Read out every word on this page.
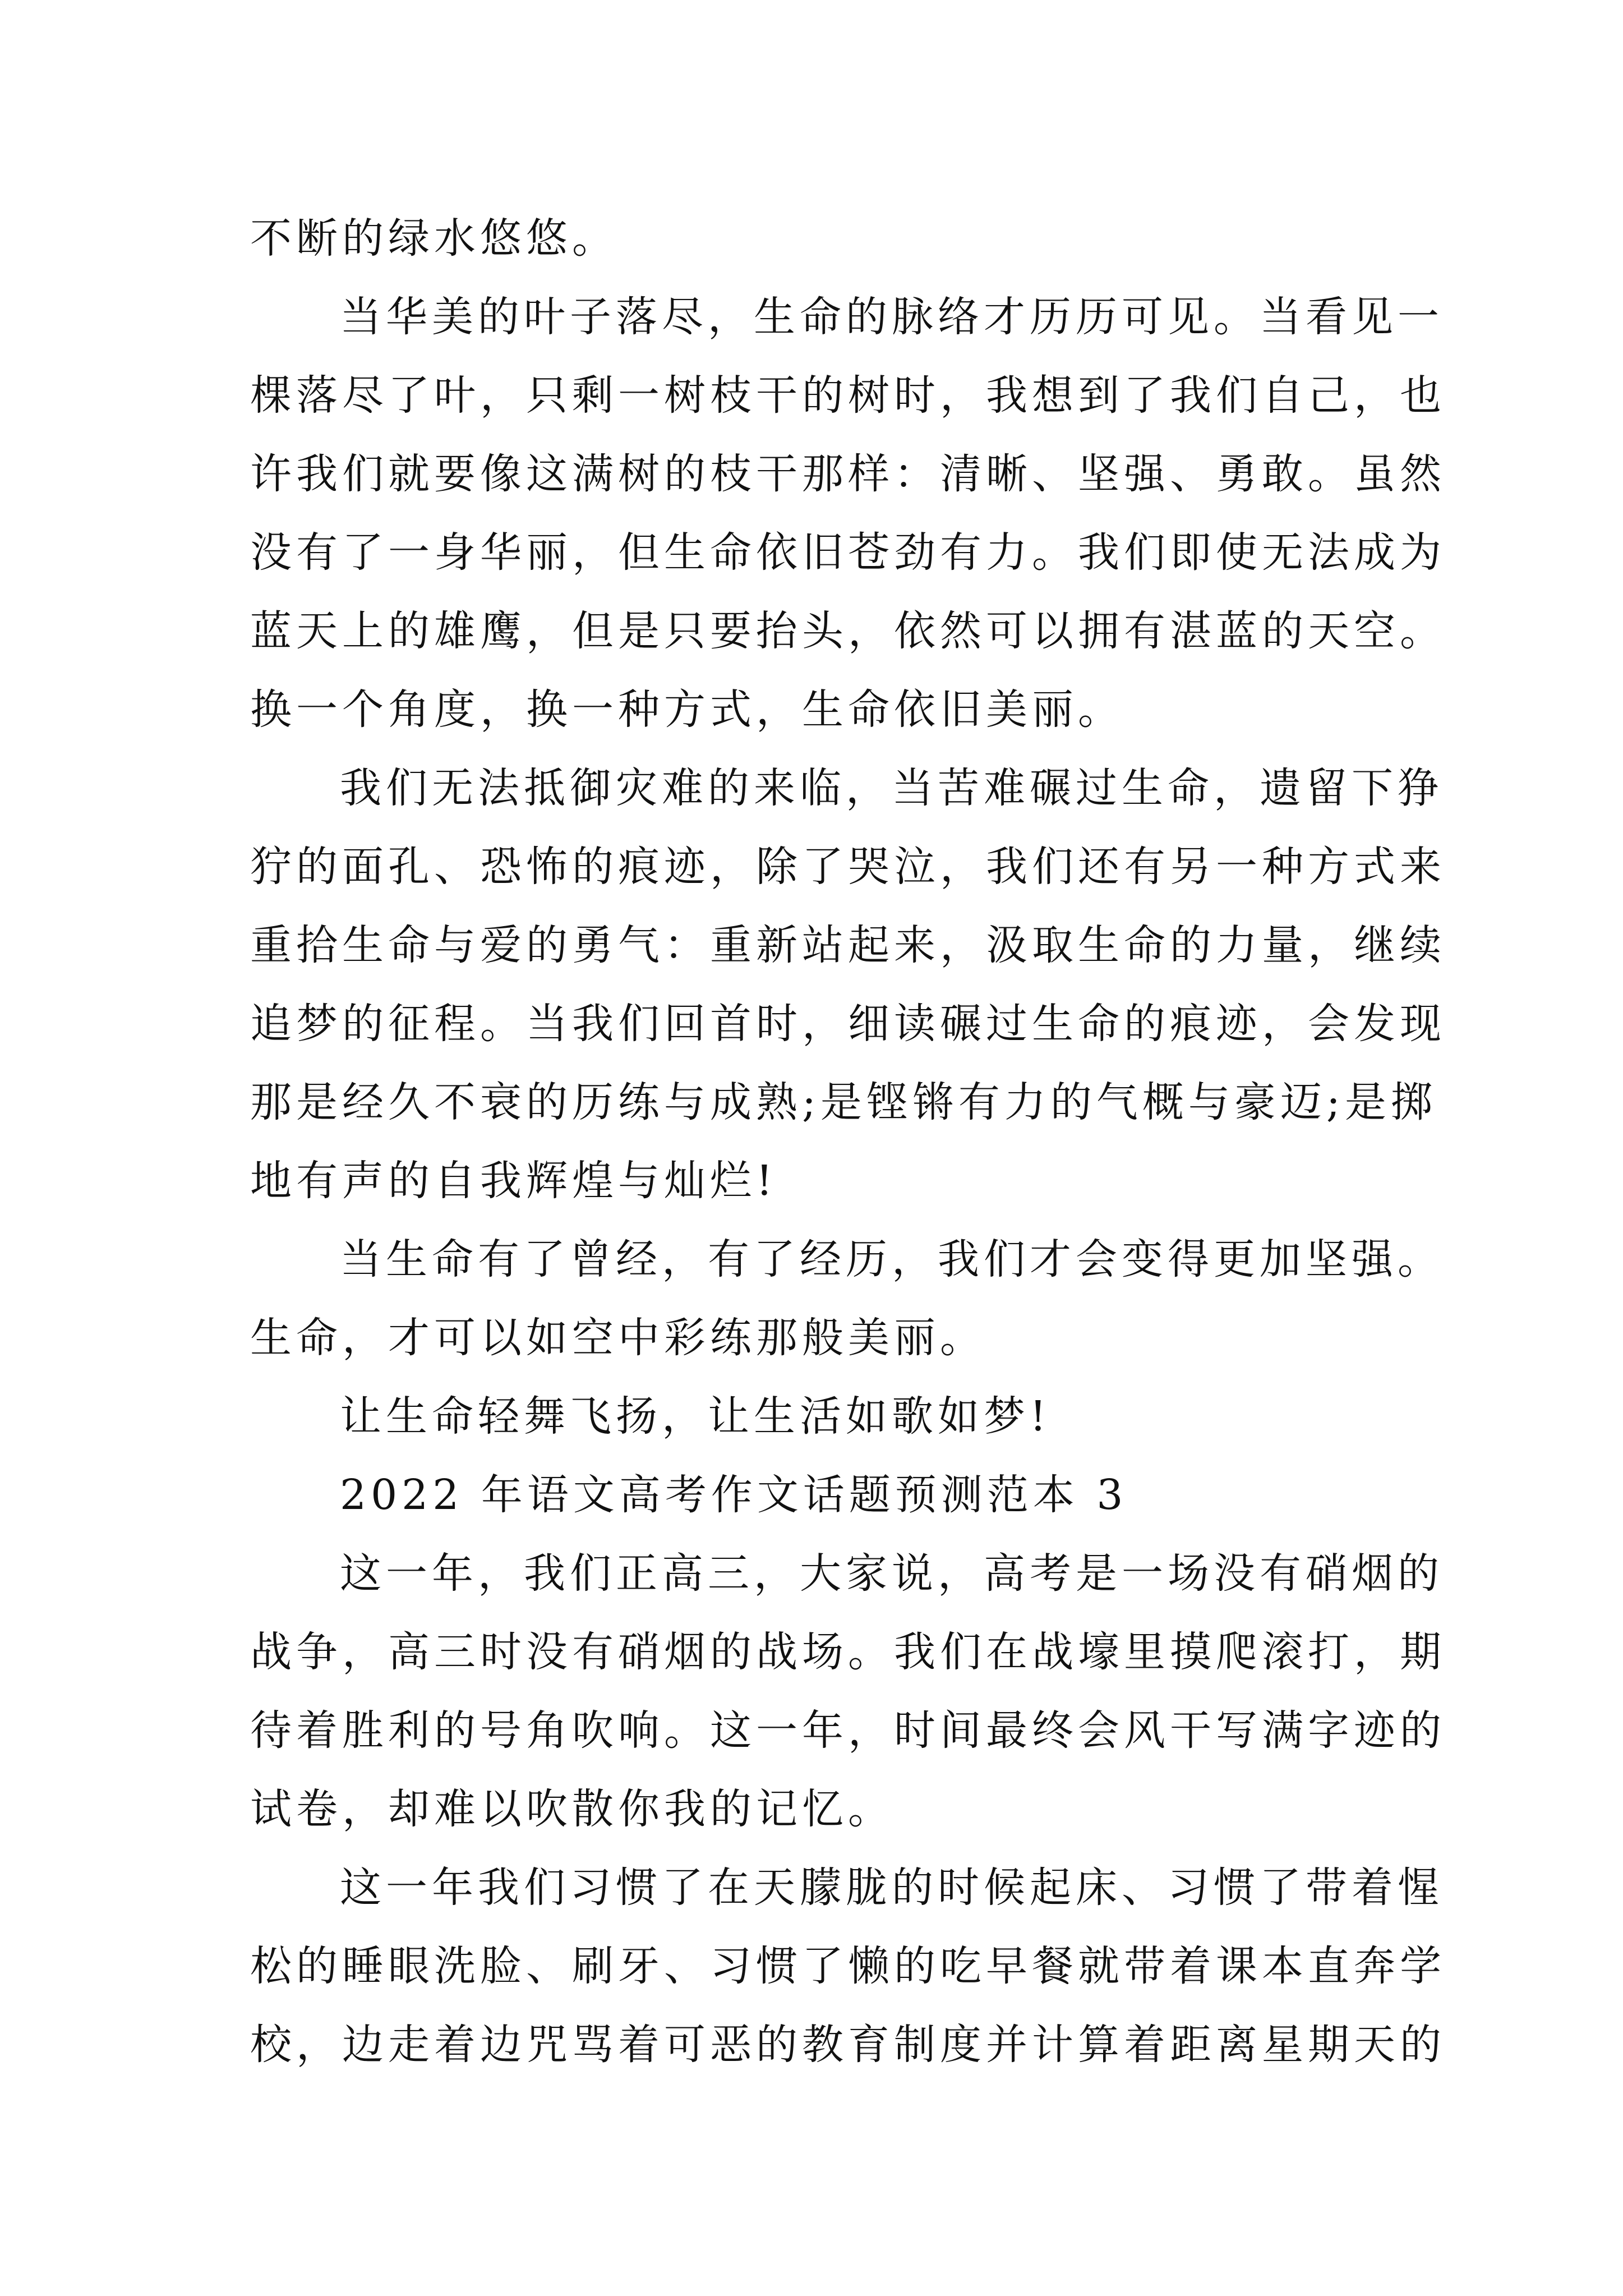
不断的绿水悠悠。
当华美的叶子落尽，生命的脉络才历历可见。当看见一
棵落尽了叶，只剩一树枝干的树时，我想到了我们自己，也
许我们就要像这满树的枝干那样：清晰、坚强、勇敢。虽然
没有了一身华丽，但生命依旧苍劲有力。我们即使无法成为
蓝天上的雄鹰，但是只要抬头，依然可以拥有湛蓝的天空。
换一个角度，换一种方式，生命依旧美丽。
我们无法抵御灾难的来临，当苦难碾过生命，遗留下狰
狞的面孔、恐怖的痕迹，除了哭泣，我们还有另一种方式来
重拾生命与爱的勇气：重新站起来，汲取生命的力量，继续
追梦的征程。当我们回首时，细读碾过生命的痕迹，会发现
那是经久不衰的历练与成熟;是铿锵有力的气概与豪迈;是掷
地有声的自我辉煌与灿烂!
当生命有了曾经，有了经历，我们才会变得更加坚强。
生命，才可以如空中彩练那般美丽。
让生命轻舞飞扬，让生活如歌如梦!
2022 年语文高考作文话题预测范本 3
这一年，我们正高三，大家说，高考是一场没有硝烟的
战争，高三时没有硝烟的战场。我们在战壕里摸爬滚打，期
待着胜利的号角吹响。这一年，时间最终会风干写满字迹的
试卷，却难以吹散你我的记忆。
这一年我们习惯了在天朦胧的时候起床、习惯了带着惺
松的睡眼洗脸、刷牙、习惯了懒的吃早餐就带着课本直奔学
校，边走着边咒骂着可恶的教育制度并计算着距离星期天的
